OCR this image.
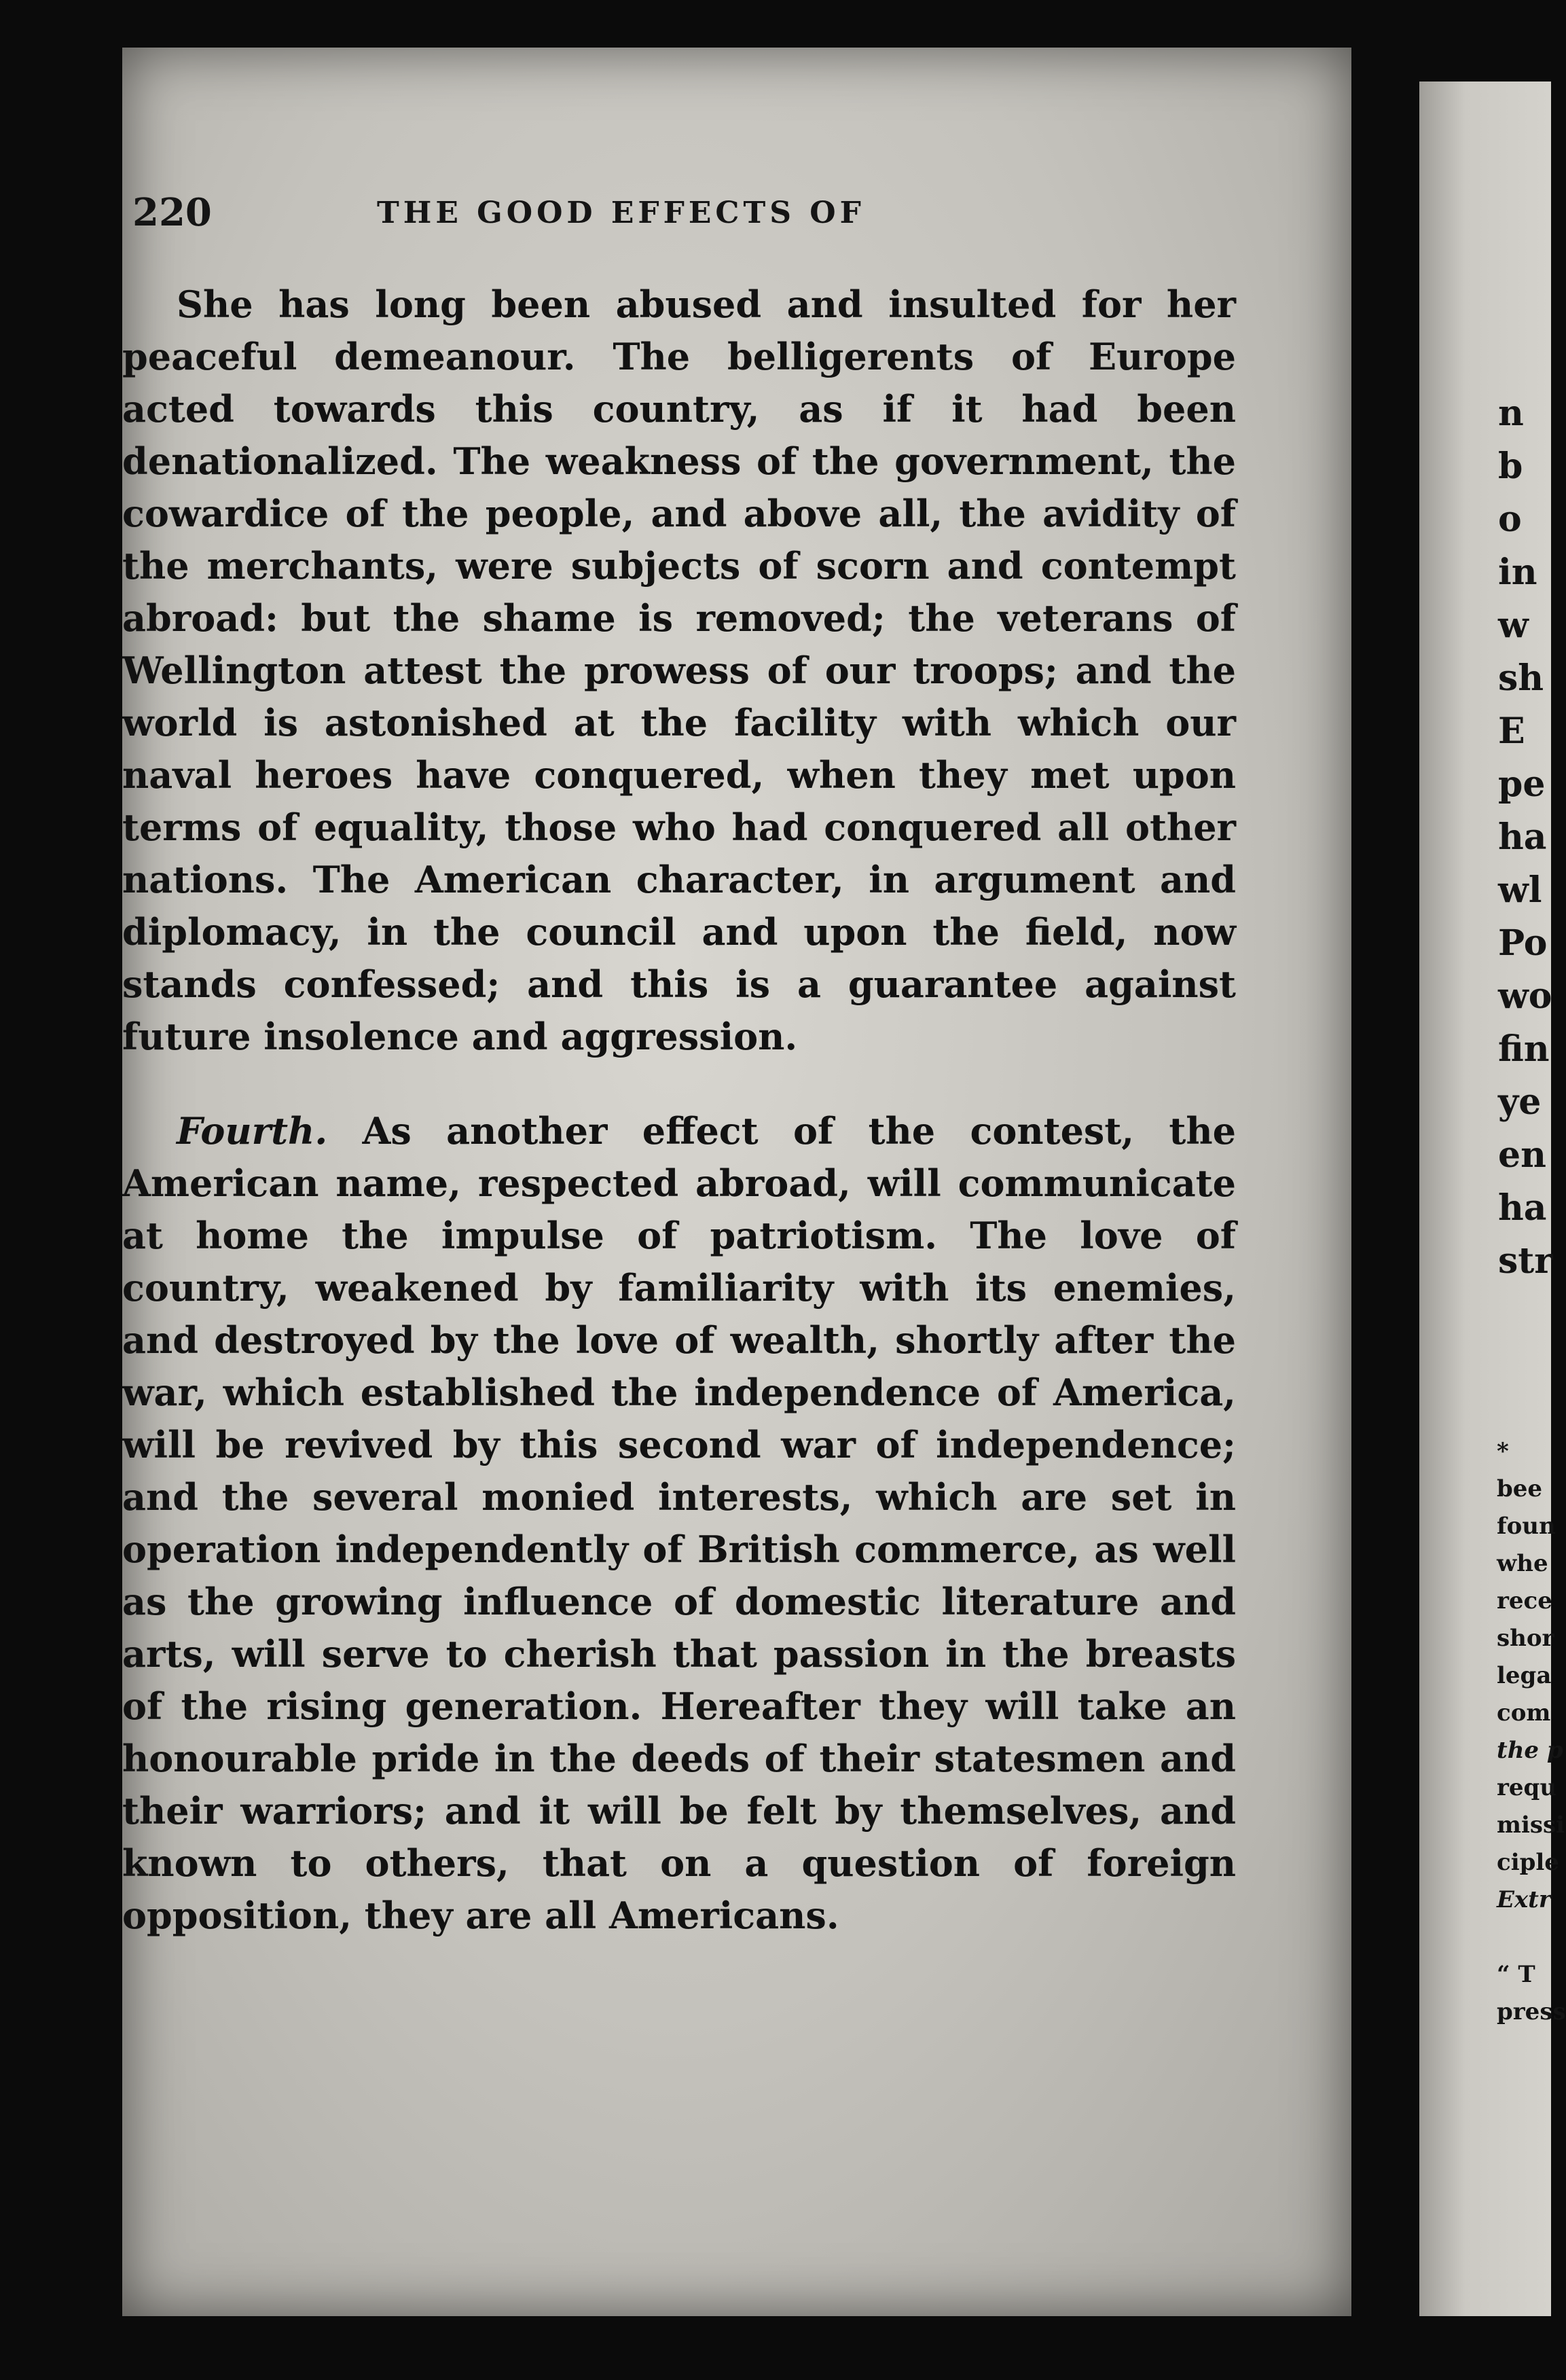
220	THE GOOD EFFECTS OF

She has long been abused and insulted for her peaceful demeanour. The belligerents of Europe acted towards this country, as if it had been denationalized. The weakness of the government, the cowardice of the people, and above all, the avidity of the merchants, were subjects of scorn and contempt abroad: but the shame is removed; the veterans of Wellington attest the prowess of our troops; and the world is astonished at the facility with which our naval heroes have conquered, when they met upon terms of equality, those who had conquered all other nations. The American character, in argument and diplomacy, in the council and upon the field, now stands confessed; and this is a guarantee against future insolence and aggression.

Fourth. As another effect of the contest, the American name, respected abroad, will communicate at home the impulse of patriotism. The love of country, weakened by familiarity with its enemies, and destroyed by the love of wealth, shortly after the war, which established the independence of America, will be revived by this second war of independence; and the several monied interests, which are set in operation independently of British commerce, as well as the growing influence of domestic literature and arts, will serve to cherish that passion in the breasts of the rising generation. Hereafter they will take an honourable pride in the deeds of their statesmen and their warriors; and it will be felt by themselves, and known to others, that on a question of foreign opposition, they are all Americans.

n
b
o
in
w
sh
E
pe
ha
wl
Po
wo
fin
ye
en
ha
str
*
bee
foun
whe
rece
shor
lega
com
the p
requ
missi
ciple
Extr
“ T
press
